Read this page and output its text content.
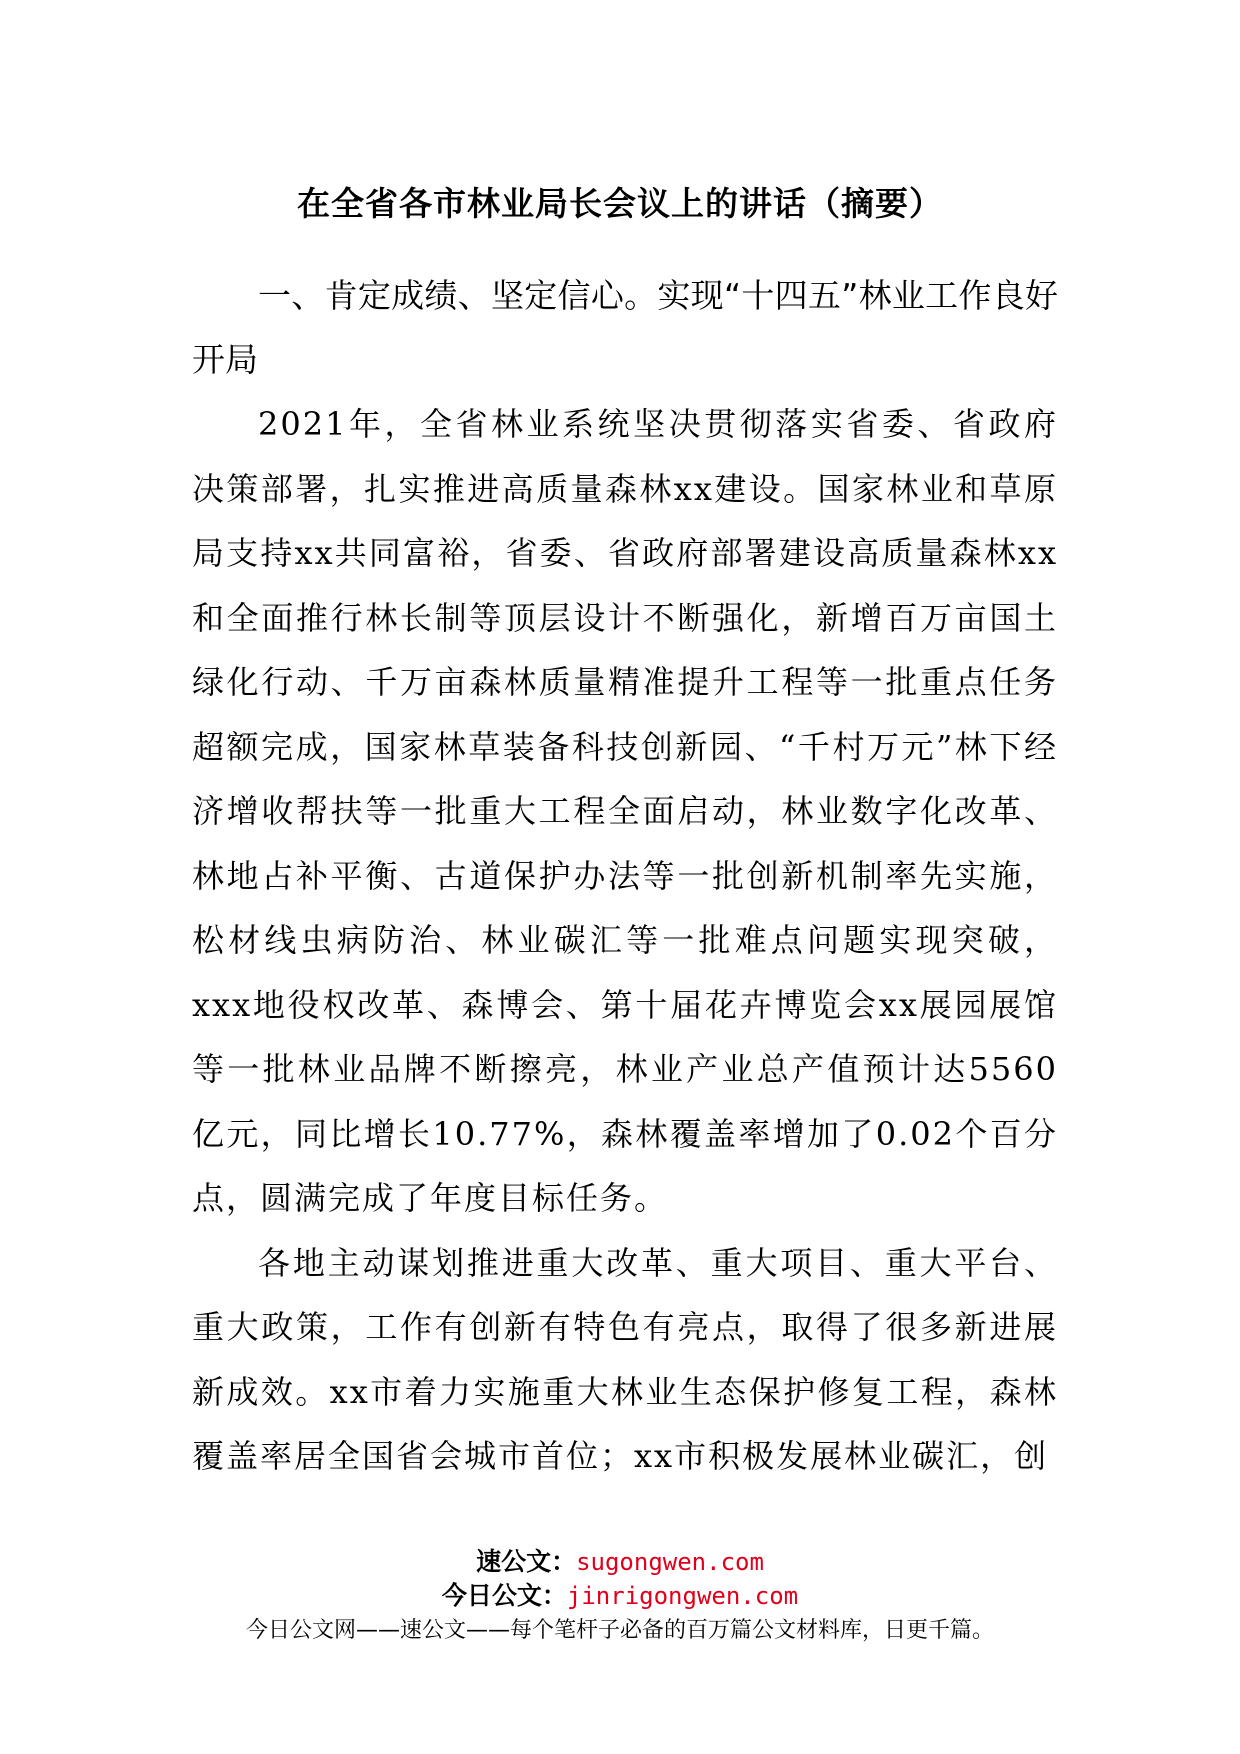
在全省各市林业局长会议上的讲话（摘要）

一、肯定成绩、坚定信心。实现“十四五”林业工作良好开局

2021年，全省林业系统坚决贯彻落实省委、省政府决策部署，扎实推进高质量森林xx建设。国家林业和草原局支持xx共同富裕，省委、省政府部署建设高质量森林xx和全面推行林长制等顶层设计不断强化，新增百万亩国土绿化行动、千万亩森林质量精准提升工程等一批重点任务超额完成，国家林草装备科技创新园、“千村万元”林下经济增收帮扶等一批重大工程全面启动，林业数字化改革、林地占补平衡、古道保护办法等一批创新机制率先实施，松材线虫病防治、林业碳汇等一批难点问题实现突破，xxx地役权改革、森博会、第十届花卉博览会xx展园展馆等一批林业品牌不断擦亮，林业产业总产值预计达5560亿元，同比增长10.77%，森林覆盖率增加了0.02个百分点，圆满完成了年度目标任务。

各地主动谋划推进重大改革、重大项目、重大平台、重大政策，工作有创新有特色有亮点，取得了很多新进展新成效。xx市着力实施重大林业生态保护修复工程，森林覆盖率居全国省会城市首位；xx市积极发展林业碳汇，创

速公文：sugongwen.com

今日公文：jinrigongwen.com

今日公文网——速公文——每个笔杆子必备的百万篇公文材料库，日更千篇。
